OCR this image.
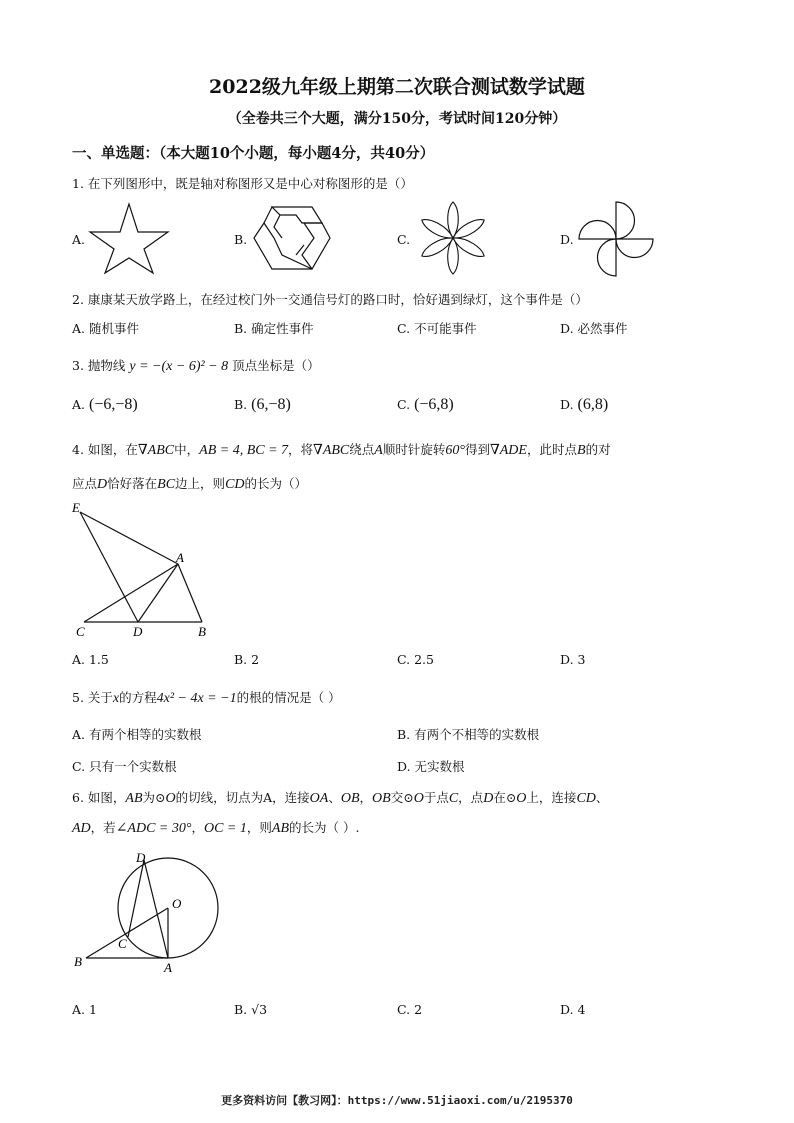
2022级九年级上期第二次联合测试数学试题
（全卷共三个大题，满分150分，考试时间120分钟）
一、单选题：（本大题10个小题，每小题4分，共40分）
1. 在下列图形中，既是轴对称图形又是中心对称图形的是（）
A.	B.	C.	D.
2. 康康某天放学路上，在经过校门外一交通信号灯的路口时，恰好遇到绿灯，这个事件是（）
A. 随机事件	B. 确定性事件	C. 不可能事件	D. 必然事件
3. 抛物线 y = −(x − 6)² − 8 顶点坐标是（）
A. (−6,−8)	B. (6,−8)	C. (−6,8)	D. (6,8)
4. 如图，在∇ABC中，AB = 4, BC = 7，将∇ABC绕点A顺时针旋转60°得到∇ADE，此时点B的对
应点D恰好落在BC边上，则CD的长为（）
E
A
C	D	B
A. 1.5	B. 2	C. 2.5	D. 3
5. 关于x的方程4x² − 4x = −1的根的情况是（ ）
A. 有两个相等的实数根	B. 有两个不相等的实数根
C. 只有一个实数根	D. 无实数根
6. 如图，AB为⊙O的切线，切点为A，连接OA、OB，OB交⊙O于点C，点D在⊙O上，连接CD、
AD，若∠ADC = 30°，OC = 1，则AB的长为（ ）.
D
O
C
B	A
A. 1	B. √3	C. 2	D. 4
更多资料访问【教习网】：https://www.51jiaoxi.com/u/2195370
